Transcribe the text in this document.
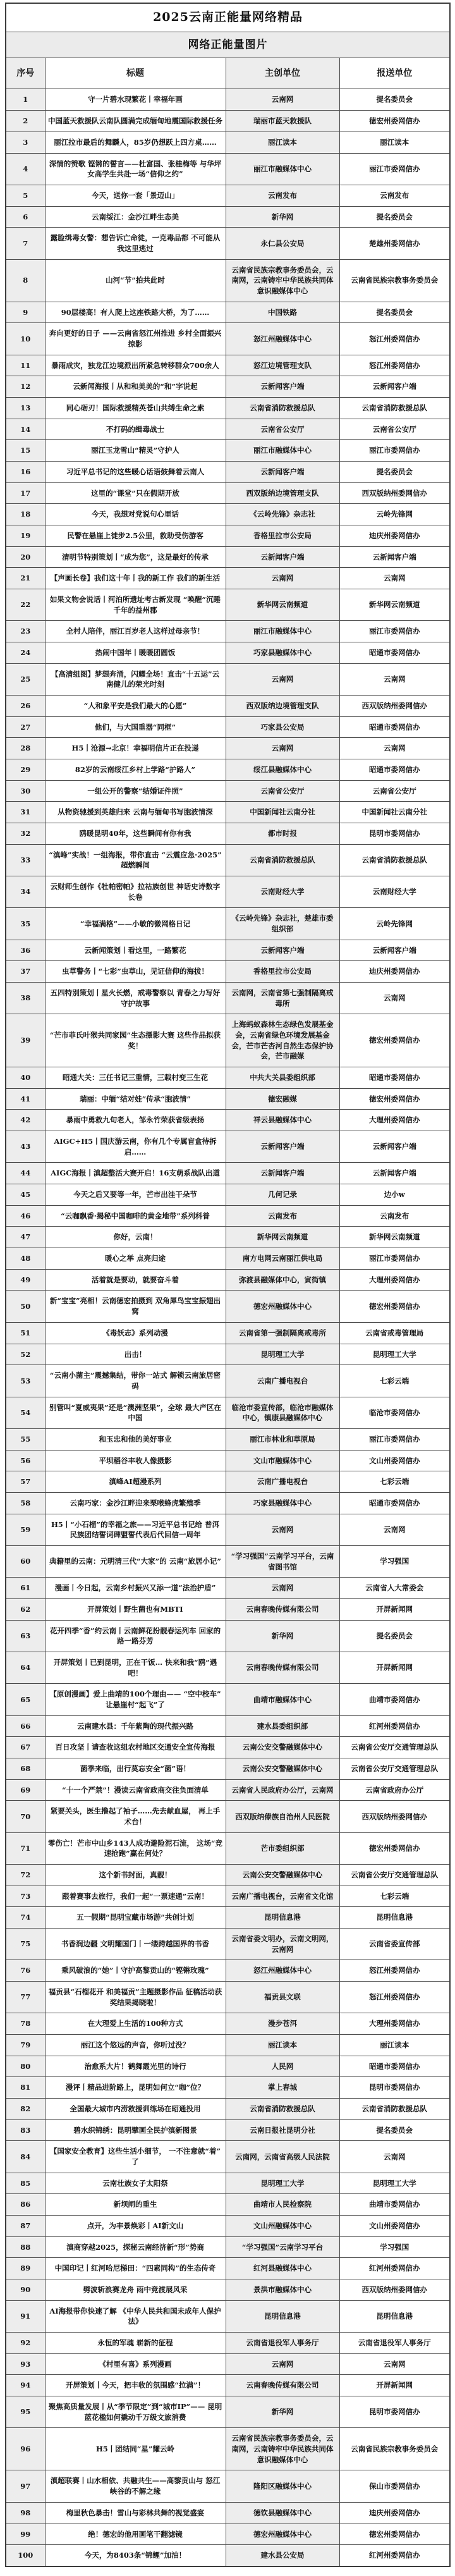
2025云南正能量网络精品			
网络正能量图片			
序号	标题	主创单位	报送单位
1	守一片碧水现繁花丨幸福年画	云南网	提名委员会
2	中国蓝天救援队云南队圆满完成缅甸地震国际救援任务	瑞丽市蓝天救援队	德宏州委网信办
3	丽江拉市最后的舞麟人，85岁仍想跃上四方桌……	丽江读本	丽江读本
4	深情的赞歌 铿锵的誓言——杜富国、张桂梅等 与华坪女高学生共赴一场“信仰之约”	丽江市融媒体中心	丽江市委网信办
5	今天，送你一套「景迈山」	云南发布	云南发布
6	云南绥江：金沙江畔生态美	新华网	提名委员会
7	露脸缉毒女警：想告诉亡命徒，一克毒品都 不可能从我这里逃过	永仁县公安局	楚雄州委网信办
8	山河“节”拍共此时	云南省民族宗教事务委员会，云南网，云南铸牢中华民族共同体意识融媒体中心	云南省民族宗教事务委员会
9	90层楼高！有人爬上这座铁路大桥，为了……	中国铁路	提名委员会
10	奔向更好的日子 ——云南省怒江州推进 乡村全面振兴掠影	怒江州融媒体中心	怒江州委网信办
11	暴雨成灾，独龙江边境派出所紧急转移群众700余人	怒江边境管理支队	怒江州委网信办
12	云新闻海报丨从和和美美的“和”字说起	云新闻客户端	云新闻客户端
13	同心砺刃！国际救援精英苍山共缚生命之索	云南省消防救援总队	云南省消防救援总队
14	不打码的缉毒战士	云南省公安厅	云南省公安厅
15	丽江玉龙雪山“精灵”守护人	丽江市融媒体中心	丽江市委网信办
16	习近平总书记的这些暖心话语鼓舞着云南人	云新闻客户端	提名委员会
17	这里的“课堂”只在假期开放	西双版纳边境管理支队	西双版纳州委网信办
18	今天，我想对党说句心里话	《云岭先锋》杂志社	云岭先锋网
19	民警在悬崖上徒步2.5公里，救助受伤游客	香格里拉市公安局	迪庆州委网信办
20	清明节特别策划丨“成为您”，这是最好的传承	云新闻客户端	云新闻客户端
21	【声画长卷】我们这十年丨我的新工作 我们的新生活	云南网	云南网
22	如果文物会说话丨河泊所遗址考古新发现 “唤醒”沉睡千年的益州郡	新华网云南频道	新华网云南频道
23	全村人陪伴，丽江百岁老人这样过母亲节！	丽江市融媒体中心	丽江市委网信办
24	热闹中国年丨暖暖团圆饭	巧家县融媒体中心	昭通市委网信办
25	【高清组图】梦想奔涌，闪耀全场！直击“十五运”云南健儿的荣光时刻	云南网	云南网
26	“人和象平安是我们最大的心愿”	西双版纳边境管理支队	西双版纳州委网信办
27	他们，与大国重器“同框”	巧家县公安局	昭通市委网信办
28	H5丨沧源→北京！幸福明信片正在投递	云南网	云南网
29	82岁的云南绥江乡村上学路“护路人”	绥江县融媒体中心	昭通市委网信办
30	一组公开的警察“结婚证件照”	云南省公安厅	云南省公安厅
31	从物资驰援到英雄归来 云南与缅甸书写胞波情深	中国新闻社云南分社	中国新闻社云南分社
32	鸥暖昆明40年，这些瞬间有你有我	都市时报	昆明市委网信办
33	“滇峰”实战！一组海报，带你直击 “云震应急·2025”超燃瞬间	云南省消防救援总队	云南省消防救援总队
34	云财师生创作《牡帕密帕》拉祜族创世 神话史诗数字长卷	云南财经大学	云南财经大学
35	“幸福满格”——小敏的微网格日记	《云岭先锋》杂志社，楚雄市委组织部	云岭先锋网
36	云新闻策划丨看这里，一路繁花	云新闻客户端	云新闻客户端
37	虫草警务丨“七彩”虫草山，见证信仰的海拔！	香格里拉市公安局	迪庆州委网信办
38	五四特别策划丨星火长燃，戒毒警察以 青春之力写好守护故事	云南网，云南省第七强制隔离戒毒所	云南网
39	“芒市菲氏叶猴共同家园”生态摄影大赛 这些作品拟获奖！	上海蚂蚁森林生态绿色发展基金会，云南省绿色环境发展基金会，芒市芒杏河自然生态保护协会，芒市融媒	德宏州委网信办
40	昭通大关：三任书记三重情，三载村变三生花	中共大关县委组织部	昭通市委网信办
41	瑞丽：中缅“结对娃”传承“胞波情”	德宏融媒	德宏州委网信办
42	暴雨中勇救九旬老人，邹永竹荣获省级表扬	祥云县融媒体中心	大理州委网信办
43	AIGC+H5丨国庆游云南，你有几个专属盲盒待拆启……	云新闻客户端	云新闻客户端
44	AIGC海报丨滇超整活大赛开启！16支萌系战队出道	云新闻客户端	云新闻客户端
45	今天之后又要等一年，芒市出洼干朵节	几何记录	边小w
46	“云咖飘香·揭秘中国咖啡的黄金地带”系列科普	云南发布	云南发布
47	你好，云南！	新华网云南频道	新华网云南频道
48	暖心之举 点亮归途	南方电网云南丽江供电局	丽江市委网信办
49	活着就是要动，就要奋斗着	弥渡县融媒体中心，寅街镇	大理州委网信办
50	新“宝宝”亮相！云南德宏拍摄到 双角犀鸟宝宝振翅出窝	德宏州融媒体中心	德宏州委网信办
51	《毒妖志》系列动漫	云南省第一强制隔离戒毒所	云南省戒毒管理局
52	出击！	昆明理工大学	昆明理工大学
53	“云南小菌主”震撼集结，带你一站式 解锁云南旅居密码	云南广播电视台	七彩云端
54	别管叫“夏威夷果”还是“澳洲坚果”，全球 最大产区在中国	临沧市委宣传部，临沧市融媒体中心，镇康县融媒体中心	临沧市委网信办
55	和玉忠和他的美好事业	丽江市林业和草原局	丽江市委网信办
56	平坝稻谷丰收人像摄影	文山市融媒体中心	文山州委网信办
57	滇峰AI超漫系列	云南广播电视台	七彩云端
58	云南巧家：金沙江畔迎来栗喉蜂虎繁殖季	巧家县融媒体中心	昭通市委网信办
59	H5丨“小石榴”的幸福之旅——习近平总书记给 普洱民族团结誓词碑盟誓代表后代回信一周年	云南网	云南网
60	典籍里的云南：元明清三代“大家”的 云南“旅居小记”	“学习强国”云南学习平台，云南省图书馆	学习强国
61	漫画丨今日起，云南乡村振兴又添一道“法治护盾”	云南网	云南省人大常委会
62	开屏策划丨野生菌也有MBTI	云南春晚传媒有限公司	开屏新闻网
63	花开四季“香”约云南丨云南鲜花扮靓春运列车 回家的路一路芬芳	新华网	提名委员会
64	开屏策划丨已到昆明，正在干饭… 快来和我“鸥”遇吧！	云南春晚传媒有限公司	开屏新闻网
65	【原创漫画】爱上曲靖的100个理由—— “空中校车”让悬崖村“起飞”了	曲靖市融媒体中心	曲靖市委网信办
66	云南建水县：千年紫陶的现代振兴路	建水县委组织部	红河州委网信办
67	百日攻坚丨请查收这组农村地区交通安全宣传海报	云南公安交警融媒体中心	云南省公安厅交通管理总队
68	菌季来临，出行莫忘安全“菌”语！	云南公安交警融媒体中心	云南省公安厅交通管理总队
69	“十一个严禁”！漫读云南省政商交往负面清单	云南省人民政府办公厅，云南网	云南省政府办公厅
70	紧要关头，医生撸起了袖子……先去献血屋， 再上手术台！	西双版纳傣族自治州人民医院	西双版纳州委网信办
71	零伤亡！芒市中山乡143人成功避险泥石流， 这场“竞速抢跑”赢在何处？	芒市委组织部	德宏州委网信办
72	这个新书封面，真靓！	云南公安交警融媒体中心	云南省公安厅交通管理总队
73	跟着赛事去旅行，我们一起“一票速通”云南！	云南广播电视台，云南省文化馆	七彩云端
74	五一假期“昆明宝藏市场游”共创计划	昆明信息港	昆明信息港
75	书香润边疆 文明耀国门丨一缕跨越国界的书香	云南省委文明办，云南文明网，云南网	云南省委宣传部
76	乘风破浪的“她”丨守护高黎贡山的“铿锵玫瑰”	怒江州融媒体中心	怒江州委网信办
77	福贡县“石榴花开 和美福贡”主题摄影作品 征稿活动获奖结果揭晓啦！	福贡县文联	怒江州委网信办
78	在大理爱上生活的100种方式	漫步苍洱	大理州委网信办
79	丽江这个悠远的声音，你听过没？	丽江读本	丽江读本
80	治愈系大片！鹤舞霞光里的诗行	人民网	昭通市委网信办
81	漫评丨精品进阶路上，昆明如何立“咖”位？	掌上春城	昆明市委网信办
82	全国最大城市内涝救援训练场在昭通投用	云南省消防救援总队	云南省消防救援总队
83	碧水织锦绣：昆明擘画全民护滇新图景	云南日报社昆明分社	提名委员会
84	【国家安全教育】这些生活小细节， 一不注意就“着”了	云南网，云南省高级人民法院	云南网
85	云南壮族女子太阳祭	昆明理工大学	昆明理工大学
86	新坝闸的重生	曲靖市人民检察院	曲靖市委网信办
87	点开，为丰景焕彩丨AI新文山	文山州融媒体中心	文山州委网信办
88	滇商穿越2025，探秘云南经济新“形”势商	“学习强国”云南学习平台	学习强国
89	中国印记丨红河哈尼梯田：“四素同构”的生态传奇	红河县融媒体中心	红河州委网信办
90	劈波斩浪赛龙舟 雨中竞渡展风采	景洪市融媒体中心	西双版纳州委网信办
91	AI海报带你快速了解 《中华人民共和国未成年人保护法》	昆明信息港	昆明信息港
92	永恒的军魂 崭新的征程	云南省退役军人事务厅	云南省退役军人事务厅
93	《村里有喜》系列漫画	云南网	云南网
94	开屏策划丨今天，把丰收的氛围感“拉满”！	云南春晚传媒有限公司	开屏新闻网
95	聚焦高质量发展丨从“季节限定”到“城市IP”—— 昆明蓝花楹如何撬动千万级文旅消费	新华网	昆明市委网信办
96	H5丨团结同“星”耀云岭	云南省民族宗教事务委员会，云南网，云南铸牢中华民族共同体意识融媒体中心	云南省民族宗教事务委员会
97	滇超联赛丨山水相依、共融共生——高黎贡山与 怒江峡谷的不解之缘	隆阳区融媒体中心	保山市委网信办
98	梅里秋色暴击！雪山与彩林共舞的视觉盛宴	德钦县融媒体中心	迪庆州委网信办
99	绝！德宏的他用画笔干翻滤镜	德宏州融媒体中心	德宏州委网信办
100	今天，为8403条“锦鲤”加油！	建水县公安局	红河州委网信办
